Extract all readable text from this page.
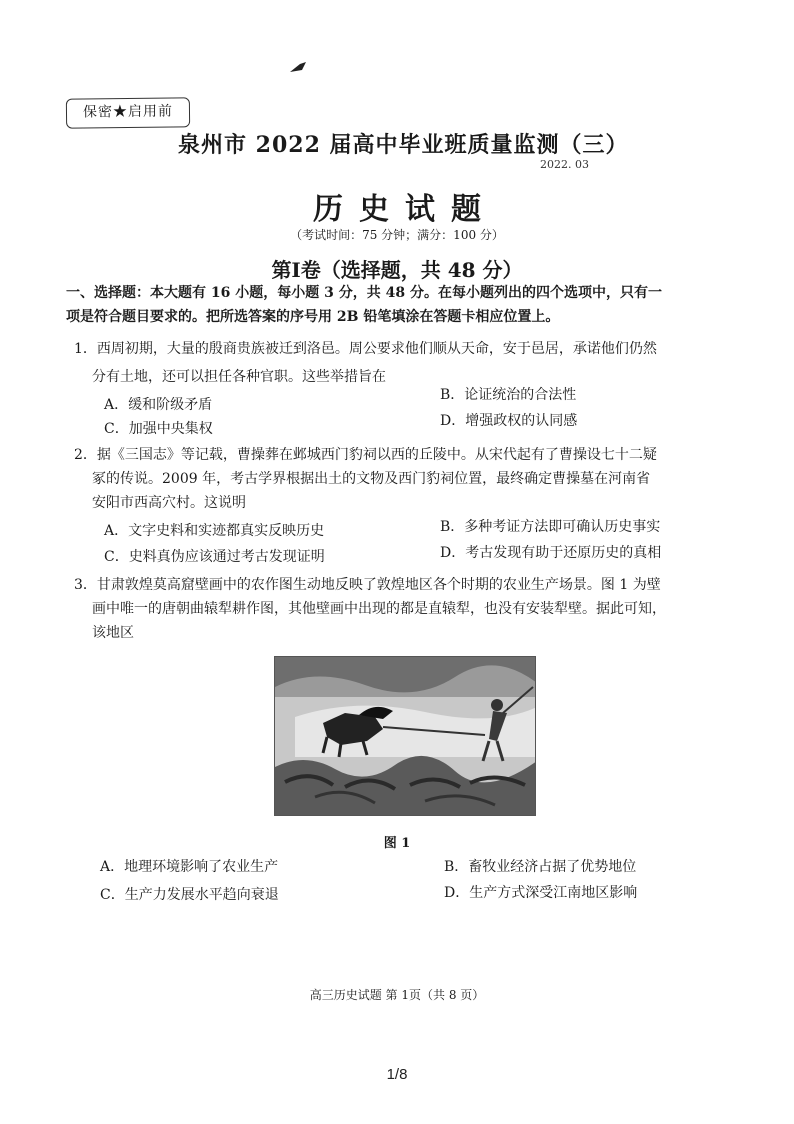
保密★启用前
泉州市 2022 届高中毕业班质量监测（三）
2022. 03
历史试题
（考试时间：75 分钟；满分：100 分）
第Ⅰ卷（选择题，共 48 分）
一、选择题：本大题有 16 小题，每小题 3 分，共 48 分。在每小题列出的四个选项中，只有一
项是符合题目要求的。把所选答案的序号用 2B 铅笔填涂在答题卡相应位置上。
1．西周初期，大量的殷商贵族被迁到洛邑。周公要求他们顺从天命，安于邑居，承诺他们仍然
分有土地，还可以担任各种官职。这些举措旨在
A．缓和阶级矛盾
B．论证统治的合法性
C．加强中央集权	D．增强政权的认同感
2．据《三国志》等记载，曹操葬在邺城西门豹祠以西的丘陵中。从宋代起有了曹操设七十二疑
冢的传说。2009 年，考古学界根据出土的文物及西门豹祠位置，最终确定曹操墓在河南省
安阳市西高穴村。这说明
A．文字史料和实迹都真实反映历史	B．多种考证方法即可确认历史事实
C．史料真伪应该通过考古发现证明	D．考古发现有助于还原历史的真相
3．甘肃敦煌莫高窟壁画中的农作图生动地反映了敦煌地区各个时期的农业生产场景。图 1 为壁
画中唯一的唐朝曲辕犁耕作图，其他壁画中出现的都是直辕犁，也没有安装犁壁。据此可知，
该地区
图 1
A．地理环境影响了农业生产	B．畜牧业经济占据了优势地位
C．生产力发展水平趋向衰退	D．生产方式深受江南地区影响
高三历史试题 第 1页（共 8 页）
1/8
